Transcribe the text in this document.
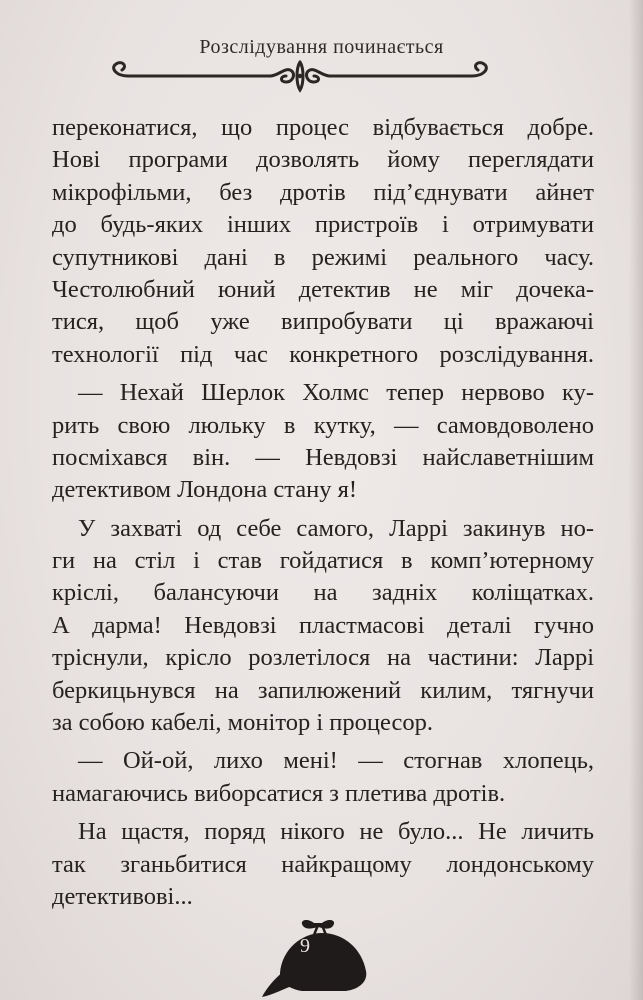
Розслідування починається
переконатися, що процес відбувається добре.
Нові програми дозволять йому переглядати
мікрофільми, без дротів під’єднувати айнет
до будь-яких інших пристроїв і отримувати
супутникові дані в режимі реального часу.
Честолюбний юний детектив не міг дочека-
тися, щоб уже випробувати ці вражаючі
технології під час конкретного розслідування.
— Нехай Шерлок Холмс тепер нервово ку-
рить свою люльку в кутку, — самовдоволено
посміхався він. — Невдовзі найславетнішим
детективом Лондона стану я!
У захваті од себе самого, Ларрі закинув но-
ги на стіл і став гойдатися в комп’ютерному
кріслі, балансуючи на задніх коліщатках.
А дарма! Невдовзі пластмасові деталі гучно
тріснули, крісло розлетілося на частини: Ларрі
беркицьнувся на запилюжений килим, тягнучи
за собою кабелі, монітор і процесор.
— Ой-ой, лихо мені! — стогнав хлопець,
намагаючись виборсатися з плетива дротів.
На щастя, поряд нікого не було... Не личить
так зганьбитися найкращому лондонському
детективові...
9
